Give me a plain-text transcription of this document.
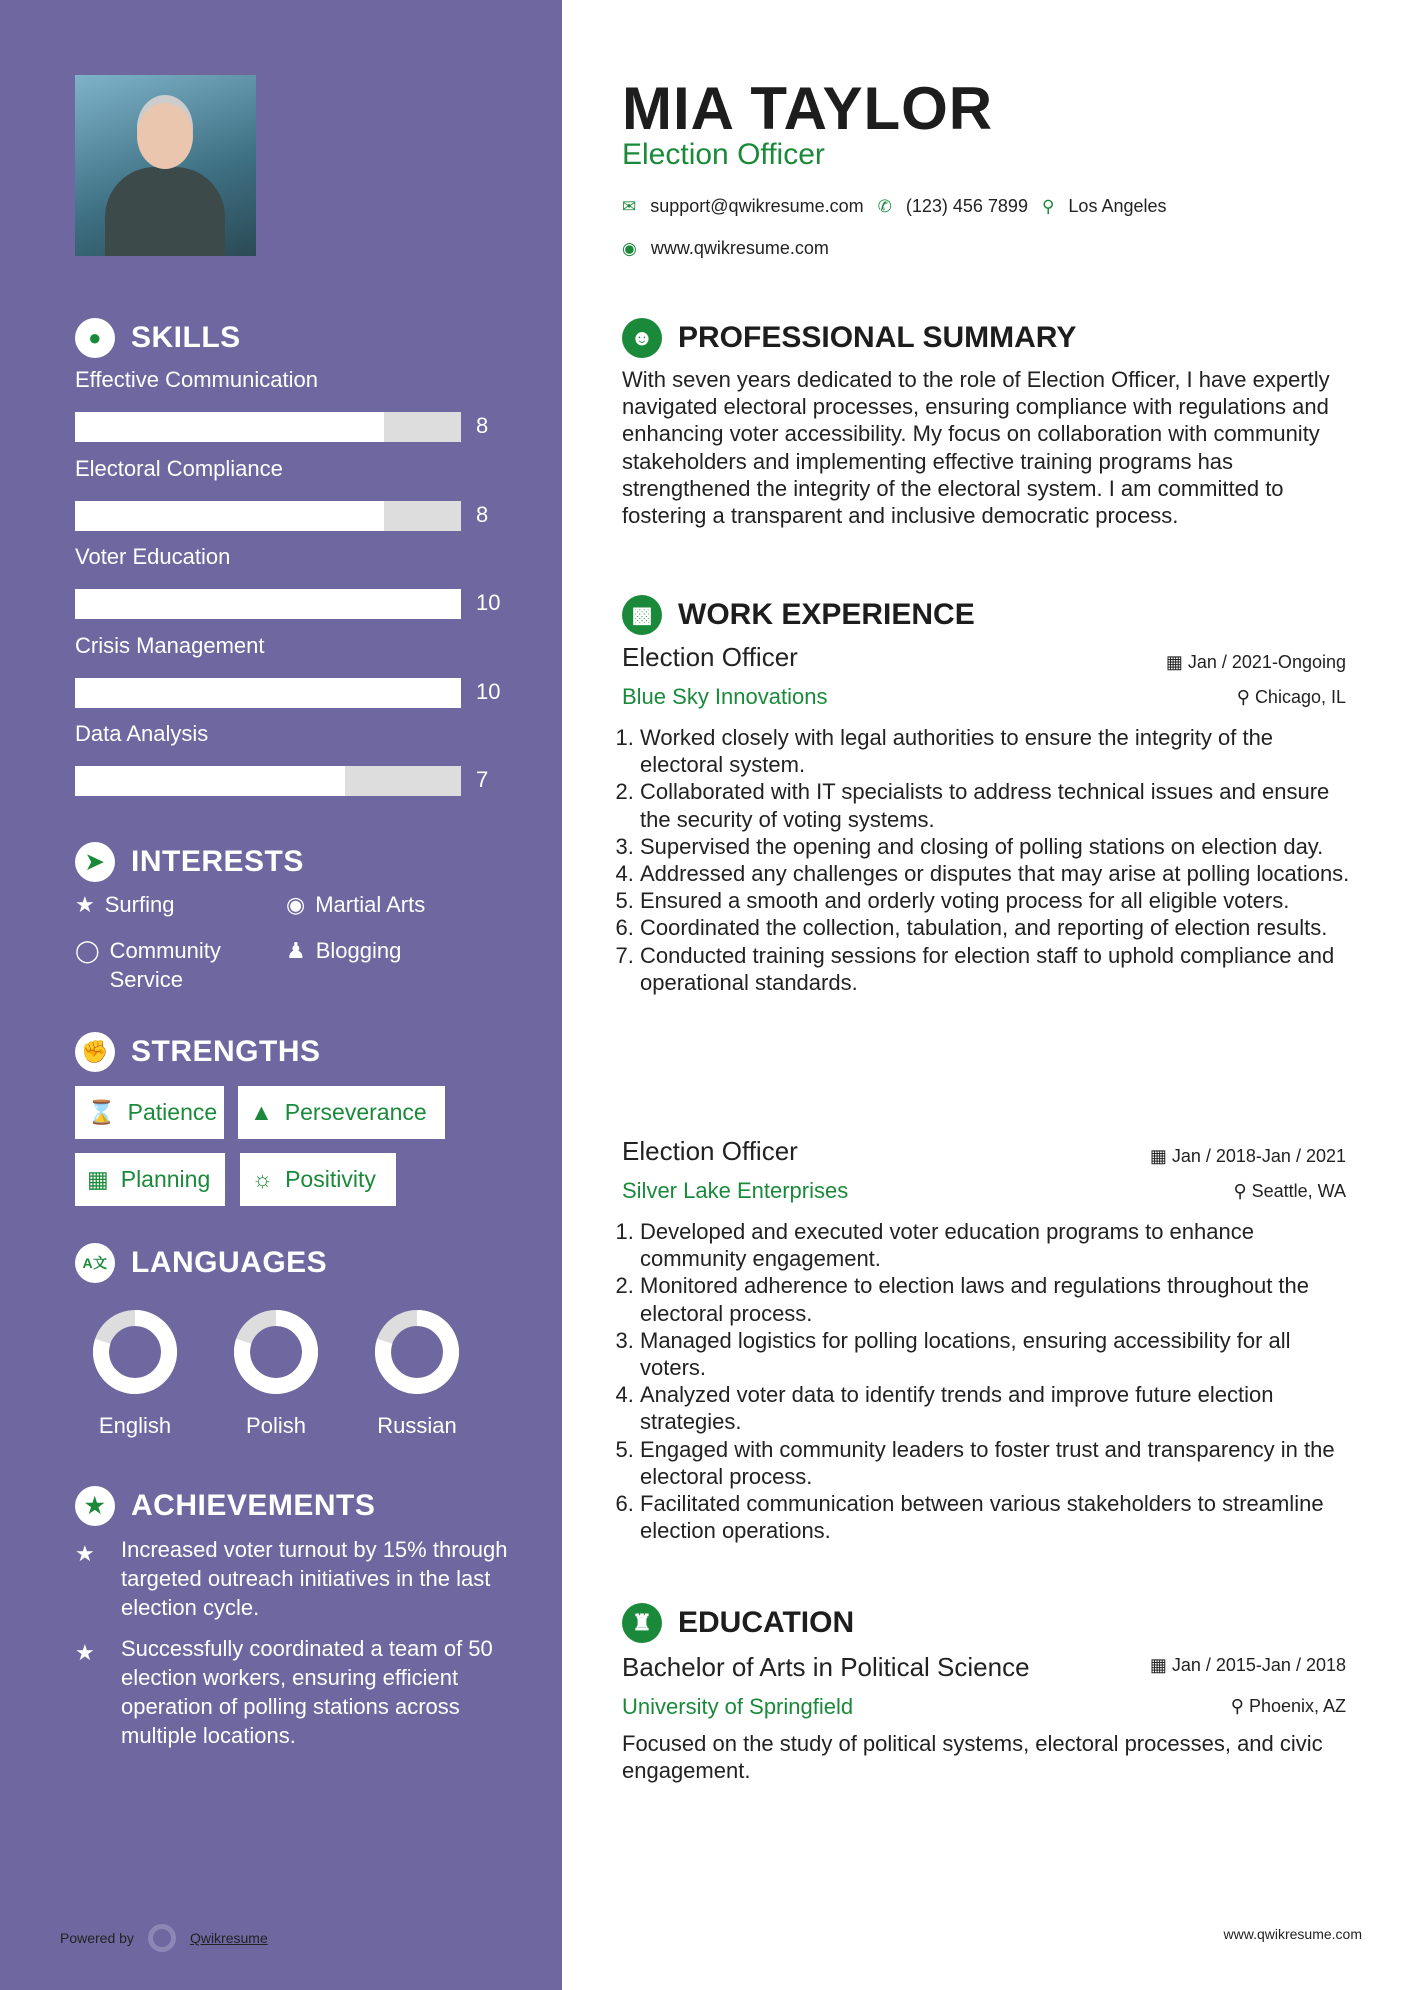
● SKILLS
Effective Communication
8
Electoral Compliance
8
Voter Education
10
Crisis Management
10
Data Analysis
7
➤ INTERESTS
★ Surfing	◉ Martial Arts
◯ Community Service
♟ Blogging
✊ STRENGTHS
⌛ Patience ▲ Perseverance
▦ Planning ☼ Positivity
A文 LANGUAGES
English	Polish	Russian
★ ACHIEVEMENTS
★ Increased voter turnout by 15% through targeted outreach initiatives in the last election cycle.
★ Successfully coordinated a team of 50 election workers, ensuring efficient operation of polling stations across multiple locations.
Powered by	Qwikresume	www.qwikresume.com
MIA TAYLOR
Election Officer
✉ support@qwikresume.com ✆ (123) 456 7899 ⚲ Los Angeles
◉ www.qwikresume.com
☻ PROFESSIONAL SUMMARY
With seven years dedicated to the role of Election Officer, I have expertly navigated electoral processes, ensuring compliance with regulations and enhancing voter accessibility. My focus on collaboration with community stakeholders and implementing effective training programs has strengthened the integrity of the electoral system. I am committed to fostering a transparent and inclusive democratic process.
▩ WORK EXPERIENCE
Election Officer	▦ Jan / 2021-Ongoing
Blue Sky Innovations	⚲ Chicago, IL
1. Worked closely with legal authorities to ensure the integrity of the electoral system.
2. Collaborated with IT specialists to address technical issues and ensure the security of voting systems.
3. Supervised the opening and closing of polling stations on election day.
4. Addressed any challenges or disputes that may arise at polling locations.
5. Ensured a smooth and orderly voting process for all eligible voters.
6. Coordinated the collection, tabulation, and reporting of election results.
7. Conducted training sessions for election staff to uphold compliance and operational standards.
Election Officer	▦ Jan / 2018-Jan / 2021
Silver Lake Enterprises	⚲ Seattle, WA
1. Developed and executed voter education programs to enhance community engagement.
2. Monitored adherence to election laws and regulations throughout the electoral process.
3. Managed logistics for polling locations, ensuring accessibility for all voters.
4. Analyzed voter data to identify trends and improve future election strategies.
5. Engaged with community leaders to foster trust and transparency in the electoral process.
6. Facilitated communication between various stakeholders to streamline election operations.
♜ EDUCATION
Bachelor of Arts in Political Science	▦ Jan / 2015-Jan / 2018
University of Springfield	⚲ Phoenix, AZ
Focused on the study of political systems, electoral processes, and civic engagement.
